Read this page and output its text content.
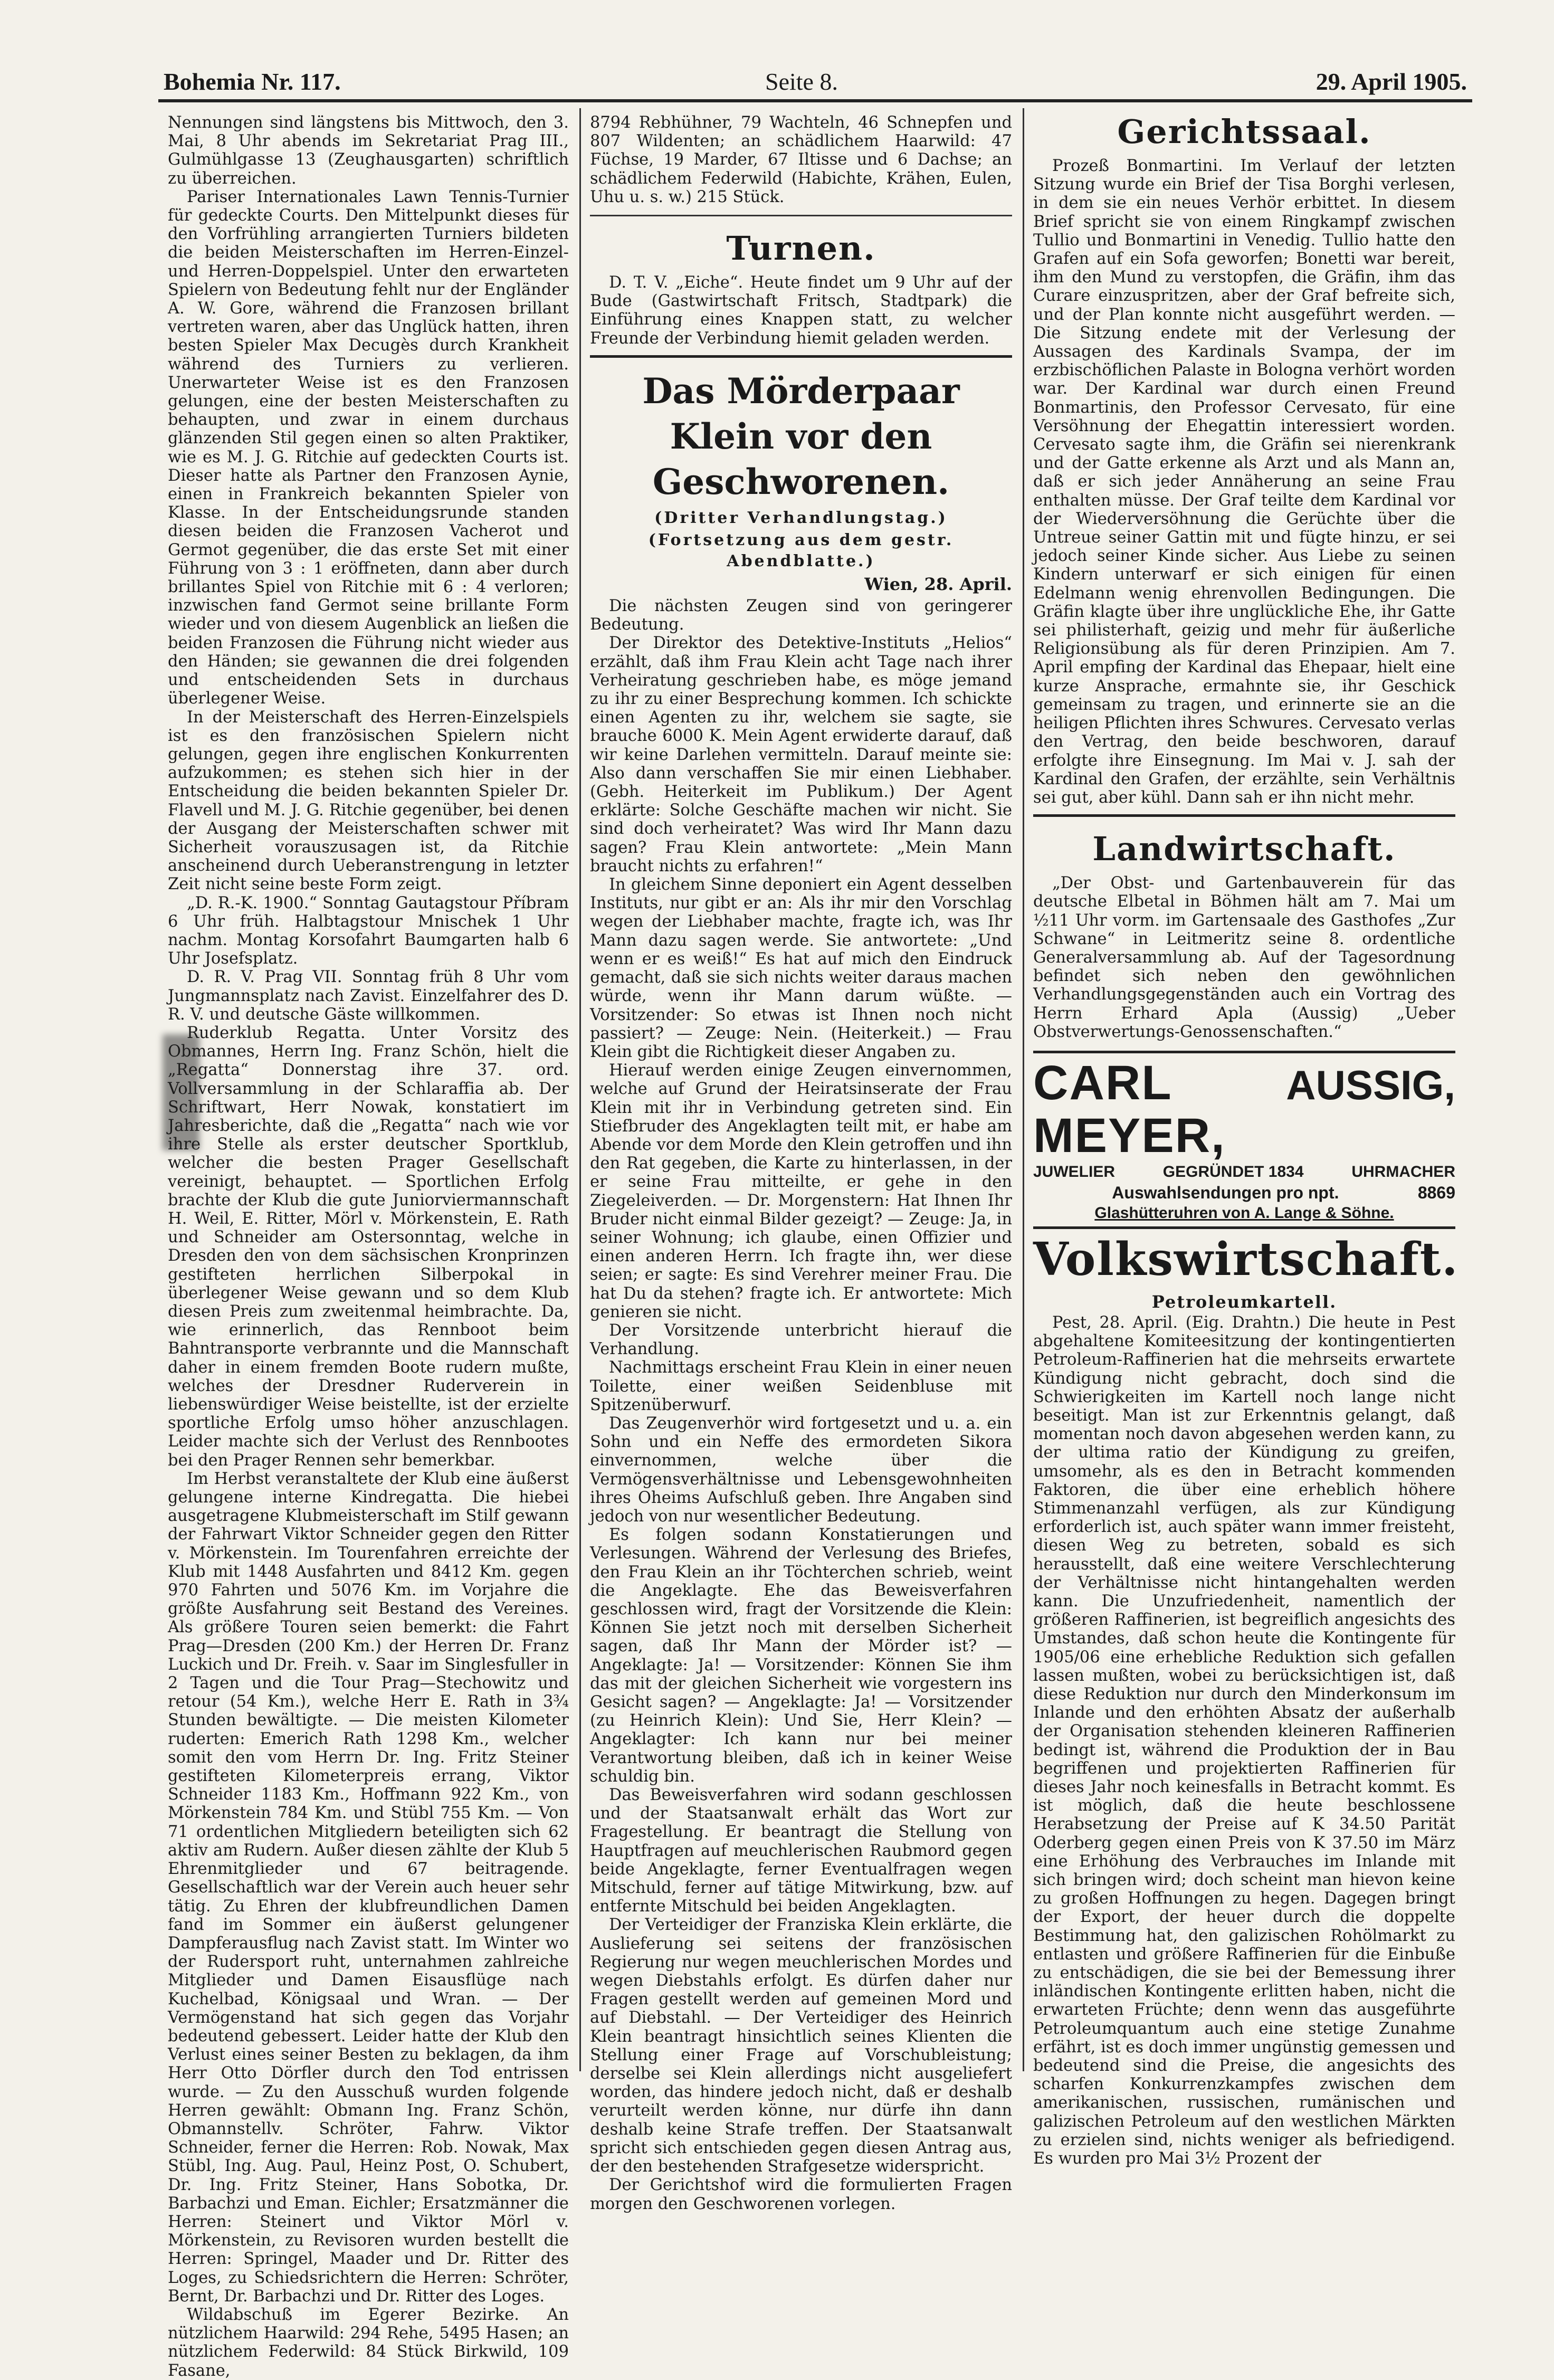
Bohemia Nr. 117.	Seite 8.	29. April 1905.

Nennungen sind längstens bis Mittwoch, den 3. Mai, 8 Uhr abends im Sekretariat Prag III., Gulmühlgasse 13 (Zeughausgarten) schriftlich zu überreichen.

Pariser Internationales Lawn Tennis-Turnier für gedeckte Courts. Den Mittelpunkt dieses für den Vorfrühling arrangierten Turniers bildeten die beiden Meisterschaften im Herren-Einzel- und Herren-Doppelspiel. Unter den erwarteten Spielern von Bedeutung fehlt nur der Engländer A. W. Gore, während die Franzosen brillant vertreten waren, aber das Unglück hatten, ihren besten Spieler Max Decugès durch Krankheit während des Turniers zu verlieren. Unerwarteter Weise ist es den Franzosen gelungen, eine der besten Meisterschaften zu behaupten, und zwar in einem durchaus glänzenden Stil gegen einen so alten Praktiker, wie es M. J. G. Ritchie auf gedeckten Courts ist. Dieser hatte als Partner den Franzosen Aynie, einen in Frankreich bekannten Spieler von Klasse. In der Entscheidungsrunde standen diesen beiden die Franzosen Vacherot und Germot gegenüber, die das erste Set mit einer Führung von 3 : 1 eröffneten, dann aber durch brillantes Spiel von Ritchie mit 6 : 4 verloren; inzwischen fand Germot seine brillante Form wieder und von diesem Augenblick an ließen die beiden Franzosen die Führung nicht wieder aus den Händen; sie gewannen die drei folgenden und entscheidenden Sets in durchaus überlegener Weise.

In der Meisterschaft des Herren-Einzelspiels ist es den französischen Spielern nicht gelungen, gegen ihre englischen Konkurrenten aufzukommen; es stehen sich hier in der Entscheidung die beiden bekannten Spieler Dr. Flavell und M. J. G. Ritchie gegenüber, bei denen der Ausgang der Meisterschaften schwer mit Sicherheit vorauszusagen ist, da Ritchie anscheinend durch Ueberanstrengung in letzter Zeit nicht seine beste Form zeigt.

„D. R.-K. 1900.“ Sonntag Gautagstour Příbram 6 Uhr früh. Halbtagstour Mnischek 1 Uhr nachm. Montag Korsofahrt Baumgarten halb 6 Uhr Josefsplatz.

D. R. V. Prag VII. Sonntag früh 8 Uhr vom Jungmannsplatz nach Zavist. Einzelfahrer des D. R. V. und deutsche Gäste willkommen.

Ruderklub Regatta. Unter Vorsitz des Obmannes, Herrn Ing. Franz Schön, hielt die „Regatta“ Donnerstag ihre 37. ord. Vollversammlung in der Schlaraffia ab. Der Schriftwart, Herr Nowak, konstatiert im Jahresberichte, daß die „Regatta“ nach wie vor ihre Stelle als erster deutscher Sportklub, welcher die besten Prager Gesellschaft vereinigt, behauptet. — Sportlichen Erfolg brachte der Klub die gute Juniorviermannschaft H. Weil, E. Ritter, Mörl v. Mörkenstein, E. Rath und Schneider am Ostersonntag, welche in Dresden den von dem sächsischen Kronprinzen gestifteten herrlichen Silberpokal in überlegener Weise gewann und so dem Klub diesen Preis zum zweitenmal heimbrachte. Da, wie erinnerlich, das Rennboot beim Bahntransporte verbrannte und die Mannschaft daher in einem fremden Boote rudern mußte, welches der Dresdner Ruderverein in liebenswürdiger Weise beistellte, ist der erzielte sportliche Erfolg umso höher anzuschlagen. Leider machte sich der Verlust des Rennbootes bei den Prager Rennen sehr bemerkbar.

Im Herbst veranstaltete der Klub eine äußerst gelungene interne Kindregatta. Die hiebei ausgetragene Klubmeisterschaft im Stilf gewann der Fahrwart Viktor Schneider gegen den Ritter v. Mörkenstein. Im Tourenfahren erreichte der Klub mit 1448 Ausfahrten und 8412 Km. gegen 970 Fahrten und 5076 Km. im Vorjahre die größte Ausfahrung seit Bestand des Vereines. Als größere Touren seien bemerkt: die Fahrt Prag—Dresden (200 Km.) der Herren Dr. Franz Luckich und Dr. Freih. v. Saar im Singlesfuller in 2 Tagen und die Tour Prag—Stechowitz und retour (54 Km.), welche Herr E. Rath in 3¾ Stunden bewältigte. — Die meisten Kilometer ruderten: Emerich Rath 1298 Km., welcher somit den vom Herrn Dr. Ing. Fritz Steiner gestifteten Kilometerpreis errang, Viktor Schneider 1183 Km., Hoffmann 922 Km., von Mörkenstein 784 Km. und Stübl 755 Km. — Von 71 ordentlichen Mitgliedern beteiligten sich 62 aktiv am Rudern. Außer diesen zählte der Klub 5 Ehrenmitglieder und 67 beitragende. Gesellschaftlich war der Verein auch heuer sehr tätig. Zu Ehren der klubfreundlichen Damen fand im Sommer ein äußerst gelungener Dampferausflug nach Zavist statt. Im Winter wo der Rudersport ruht, unternahmen zahlreiche Mitglieder und Damen Eisausflüge nach Kuchelbad, Königsaal und Wran. — Der Vermögenstand hat sich gegen das Vorjahr bedeutend gebessert. Leider hatte der Klub den Verlust eines seiner Besten zu beklagen, da ihm Herr Otto Dörfler durch den Tod entrissen wurde. — Zu den Ausschuß wurden folgende Herren gewählt: Obmann Ing. Franz Schön, Obmannstellv. Schröter, Fahrw. Viktor Schneider, ferner die Herren: Rob. Nowak, Max Stübl, Ing. Aug. Paul, Heinz Post, O. Schubert, Dr. Ing. Fritz Steiner, Hans Sobotka, Dr. Barbachzi und Eman. Eichler; Ersatzmänner die Herren: Steinert und Viktor Mörl v. Mörkenstein, zu Revisoren wurden bestellt die Herren: Springel, Maader und Dr. Ritter des Loges, zu Schiedsrichtern die Herren: Schröter, Bernt, Dr. Barbachzi und Dr. Ritter des Loges.

Wildabschuß im Egerer Bezirke. An nützlichem Haarwild: 294 Rehe, 5495 Hasen; an nützlichem Federwild: 84 Stück Birkwild, 109 Fasane,

8794 Rebhühner, 79 Wachteln, 46 Schnepfen und 807 Wildenten; an schädlichem Haarwild: 47 Füchse, 19 Marder, 67 Iltisse und 6 Dachse; an schädlichem Federwild (Habichte, Krähen, Eulen, Uhu u. s. w.) 215 Stück.

Turnen.

D. T. V. „Eiche“. Heute findet um 9 Uhr auf der Bude (Gastwirtschaft Fritsch, Stadtpark) die Einführung eines Knappen statt, zu welcher Freunde der Verbindung hiemit geladen werden.

Das Mörderpaar Klein vor den Geschworenen.
(Dritter Verhandlungstag.)
(Fortsetzung aus dem gestr. Abendblatte.)
Wien, 28. April.

Die nächsten Zeugen sind von geringerer Bedeutung.

Der Direktor des Detektive-Instituts „Helios“ erzählt, daß ihm Frau Klein acht Tage nach ihrer Verheiratung geschrieben habe, es möge jemand zu ihr zu einer Besprechung kommen. Ich schickte einen Agenten zu ihr, welchem sie sagte, sie brauche 6000 K. Mein Agent erwiderte darauf, daß wir keine Darlehen vermitteln. Darauf meinte sie: Also dann verschaffen Sie mir einen Liebhaber. (Gebh. Heiterkeit im Publikum.) Der Agent erklärte: Solche Geschäfte machen wir nicht. Sie sind doch verheiratet? Was wird Ihr Mann dazu sagen? Frau Klein antwortete: „Mein Mann braucht nichts zu erfahren!“

In gleichem Sinne deponiert ein Agent desselben Instituts, nur gibt er an: Als ihr mir den Vorschlag wegen der Liebhaber machte, fragte ich, was Ihr Mann dazu sagen werde. Sie antwortete: „Und wenn er es weiß!“ Es hat auf mich den Eindruck gemacht, daß sie sich nichts weiter daraus machen würde, wenn ihr Mann darum wüßte. — Vorsitzender: So etwas ist Ihnen noch nicht passiert? — Zeuge: Nein. (Heiterkeit.) — Frau Klein gibt die Richtigkeit dieser Angaben zu.

Hierauf werden einige Zeugen einvernommen, welche auf Grund der Heiratsinserate der Frau Klein mit ihr in Verbindung getreten sind. Ein Stiefbruder des Angeklagten teilt mit, er habe am Abende vor dem Morde den Klein getroffen und ihn den Rat gegeben, die Karte zu hinterlassen, in der er seine Frau mitteilte, er gehe in den Ziegeleiverden. — Dr. Morgenstern: Hat Ihnen Ihr Bruder nicht einmal Bilder gezeigt? — Zeuge: Ja, in seiner Wohnung; ich glaube, einen Offizier und einen anderen Herrn. Ich fragte ihn, wer diese seien; er sagte: Es sind Verehrer meiner Frau. Die hat Du da stehen? fragte ich. Er antwortete: Mich genieren sie nicht.

Der Vorsitzende unterbricht hierauf die Verhandlung.

Nachmittags erscheint Frau Klein in einer neuen Toilette, einer weißen Seidenbluse mit Spitzenüberwurf.

Das Zeugenverhör wird fortgesetzt und u. a. ein Sohn und ein Neffe des ermordeten Sikora einvernommen, welche über die Vermögensverhältnisse und Lebensgewohnheiten ihres Oheims Aufschluß geben. Ihre Angaben sind jedoch von nur wesentlicher Bedeutung.

Es folgen sodann Konstatierungen und Verlesungen. Während der Verlesung des Briefes, den Frau Klein an ihr Töchterchen schrieb, weint die Angeklagte. Ehe das Beweisverfahren geschlossen wird, fragt der Vorsitzende die Klein: Können Sie jetzt noch mit derselben Sicherheit sagen, daß Ihr Mann der Mörder ist? — Angeklagte: Ja! — Vorsitzender: Können Sie ihm das mit der gleichen Sicherheit wie vorgestern ins Gesicht sagen? — Angeklagte: Ja! — Vorsitzender (zu Heinrich Klein): Und Sie, Herr Klein? — Angeklagter: Ich kann nur bei meiner Verantwortung bleiben, daß ich in keiner Weise schuldig bin.

Das Beweisverfahren wird sodann geschlossen und der Staatsanwalt erhält das Wort zur Fragestellung. Er beantragt die Stellung von Hauptfragen auf meuchlerischen Raubmord gegen beide Angeklagte, ferner Eventualfragen wegen Mitschuld, ferner auf tätige Mitwirkung, bzw. auf entfernte Mitschuld bei beiden Angeklagten.

Der Verteidiger der Franziska Klein erklärte, die Auslieferung sei seitens der französischen Regierung nur wegen meuchlerischen Mordes und wegen Diebstahls erfolgt. Es dürfen daher nur Fragen gestellt werden auf gemeinen Mord und auf Diebstahl. — Der Verteidiger des Heinrich Klein beantragt hinsichtlich seines Klienten die Stellung einer Frage auf Vorschubleistung; derselbe sei Klein allerdings nicht ausgeliefert worden, das hindere jedoch nicht, daß er deshalb verurteilt werden könne, nur dürfe ihn dann deshalb keine Strafe treffen. Der Staatsanwalt spricht sich entschieden gegen diesen Antrag aus, der den bestehenden Strafgesetze widerspricht.

Der Gerichtshof wird die formulierten Fragen morgen den Geschworenen vorlegen.

Gerichtssaal.

Prozeß Bonmartini. Im Verlauf der letzten Sitzung wurde ein Brief der Tisa Borghi verlesen, in dem sie ein neues Verhör erbittet. In diesem Brief spricht sie von einem Ringkampf zwischen Tullio und Bonmartini in Venedig. Tullio hatte den Grafen auf ein Sofa geworfen; Bonetti war bereit, ihm den Mund zu verstopfen, die Gräfin, ihm das Curare einzuspritzen, aber der Graf befreite sich, und der Plan konnte nicht ausgeführt werden. — Die Sitzung endete mit der Verlesung der Aussagen des Kardinals Svampa, der im erzbischöflichen Palaste in Bologna verhört worden war. Der Kardinal war durch einen Freund Bonmartinis, den Professor Cervesato, für eine Versöhnung der Ehegattin interessiert worden. Cervesato sagte ihm, die Gräfin sei nierenkrank und der Gatte erkenne als Arzt und als Mann an, daß er sich jeder Annäherung an seine Frau enthalten müsse. Der Graf teilte dem Kardinal vor der Wiederversöhnung die Gerüchte über die Untreue seiner Gattin mit und fügte hinzu, er sei jedoch seiner Kinde sicher. Aus Liebe zu seinen Kindern unterwarf er sich einigen für einen Edelmann wenig ehrenvollen Bedingungen. Die Gräfin klagte über ihre unglückliche Ehe, ihr Gatte sei philisterhaft, geizig und mehr für äußerliche Religionsübung als für deren Prinzipien. Am 7. April empfing der Kardinal das Ehepaar, hielt eine kurze Ansprache, ermahnte sie, ihr Geschick gemeinsam zu tragen, und erinnerte sie an die heiligen Pflichten ihres Schwures. Cervesato verlas den Vertrag, den beide beschworen, darauf erfolgte ihre Einsegnung. Im Mai v. J. sah der Kardinal den Grafen, der erzählte, sein Verhältnis sei gut, aber kühl. Dann sah er ihn nicht mehr.

Landwirtschaft.

„Der Obst- und Gartenbauverein für das deutsche Elbetal in Böhmen hält am 7. Mai um ½11 Uhr vorm. im Gartensaale des Gasthofes „Zur Schwane“ in Leitmeritz seine 8. ordentliche Generalversammlung ab. Auf der Tagesordnung befindet sich neben den gewöhnlichen Verhandlungsgegenständen auch ein Vortrag des Herrn Erhard Apla (Aussig) „Ueber Obstverwertungs-Genossenschaften.“

CARL MEYER,
AUSSIG,
JUWELIER	GEGRÜNDET 1834	UHRMACHER
Auswahlsendungen pro npt.	8869
Glashütteruhren von A. Lange & Söhne.
Volkswirtschaft.
Petroleumkartell.

Pest, 28. April. (Eig. Drahtn.) Die heute in Pest abgehaltene Komiteesitzung der kontingentierten Petroleum-Raffinerien hat die mehrseits erwartete Kündigung nicht gebracht, doch sind die Schwierigkeiten im Kartell noch lange nicht beseitigt. Man ist zur Erkenntnis gelangt, daß momentan noch davon abgesehen werden kann, zu der ultima ratio der Kündigung zu greifen, umsomehr, als es den in Betracht kommenden Faktoren, die über eine erheblich höhere Stimmenanzahl verfügen, als zur Kündigung erforderlich ist, auch später wann immer freisteht, diesen Weg zu betreten, sobald es sich herausstellt, daß eine weitere Verschlechterung der Verhältnisse nicht hintangehalten werden kann. Die Unzufriedenheit, namentlich der größeren Raffinerien, ist begreiflich angesichts des Umstandes, daß schon heute die Kontingente für 1905/06 eine erhebliche Reduktion sich gefallen lassen mußten, wobei zu berücksichtigen ist, daß diese Reduktion nur durch den Minderkonsum im Inlande und den erhöhten Absatz der außerhalb der Organisation stehenden kleineren Raffinerien bedingt ist, während die Produktion der in Bau begriffenen und projektierten Raffinerien für dieses Jahr noch keinesfalls in Betracht kommt. Es ist möglich, daß die heute beschlossene Herabsetzung der Preise auf K 34.50 Parität Oderberg gegen einen Preis von K 37.50 im März eine Erhöhung des Verbrauches im Inlande mit sich bringen wird; doch scheint man hievon keine zu großen Hoffnungen zu hegen. Dagegen bringt der Export, der heuer durch die doppelte Bestimmung hat, den galizischen Rohölmarkt zu entlasten und größere Raffinerien für die Einbuße zu entschädigen, die sie bei der Bemessung ihrer inländischen Kontingente erlitten haben, nicht die erwarteten Früchte; denn wenn das ausgeführte Petroleumquantum auch eine stetige Zunahme erfährt, ist es doch immer ungünstig gemessen und bedeutend sind die Preise, die angesichts des scharfen Konkurrenzkampfes zwischen dem amerikanischen, russischen, rumänischen und galizischen Petroleum auf den westlichen Märkten zu erzielen sind, nichts weniger als befriedigend. Es wurden pro Mai 3½ Prozent der
